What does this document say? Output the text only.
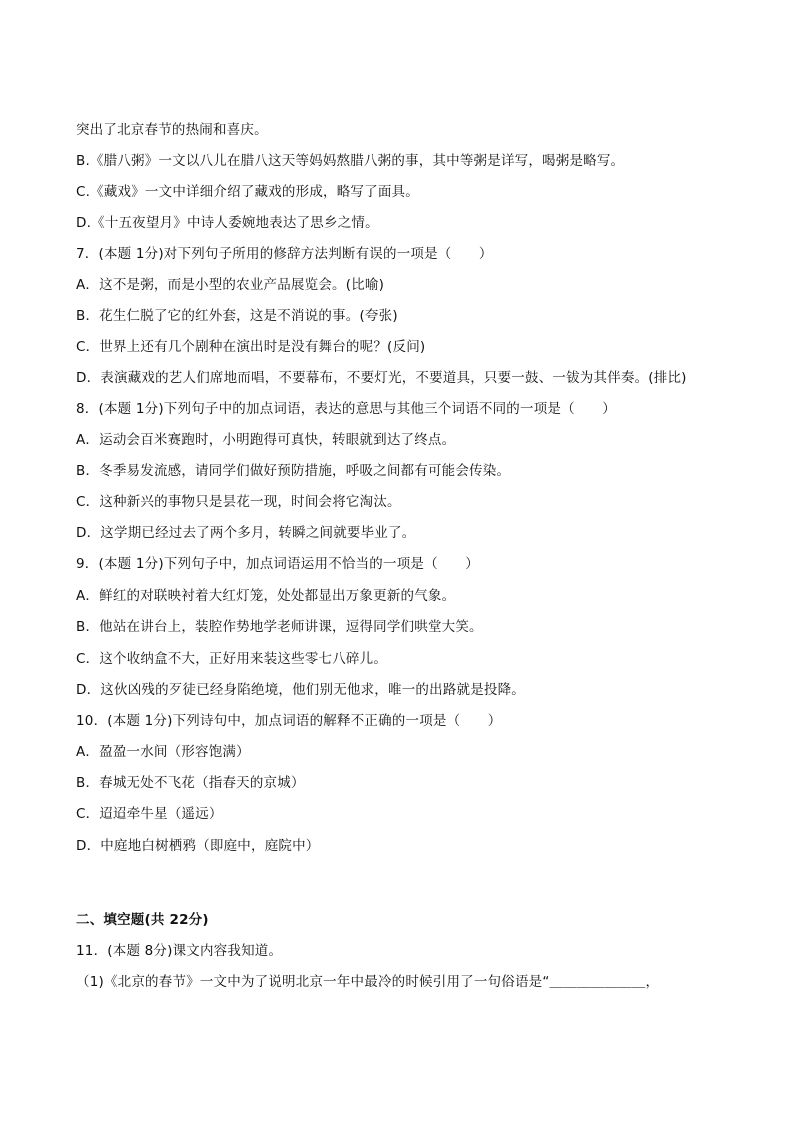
突出了北京春节的热闹和喜庆。
B.《腊八粥》一文以八儿在腊八这天等妈妈熬腊八粥的事，其中等粥是详写，喝粥是略写。
C.《藏戏》一文中详细介绍了藏戏的形成，略写了面具。
D.《十五夜望月》中诗人委婉地表达了思乡之情。
7．(本题 1分)对下列句子所用的修辞方法判断有误的一项是（　　）
A．这不是粥，而是小型的农业产品展览会。(比喻)
B．花生仁脱了它的红外套，这是不消说的事。(夸张)
C．世界上还有几个剧种在演出时是没有舞台的呢？(反问)
D．表演藏戏的艺人们席地而唱，不要幕布，不要灯光，不要道具，只要一鼓、一钹为其伴奏。(排比)
8．(本题 1分)下列句子中的加点词语，表达的意思与其他三个词语不同的一项是（　　）
A．运动会百米赛跑时，小明跑得可真快，转眼就到达了终点。
B．冬季易发流感，请同学们做好预防措施，呼吸之间都有可能会传染。
C．这种新兴的事物只是昙花一现，时间会将它淘汰。
D．这学期已经过去了两个多月，转瞬之间就要毕业了。
9．(本题 1分)下列句子中，加点词语运用不恰当的一项是（　　）
A．鲜红的对联映衬着大红灯笼，处处都显出万象更新的气象。
B．他站在讲台上，装腔作势地学老师讲课，逗得同学们哄堂大笑。
C．这个收纳盒不大，正好用来装这些零七八碎儿。
D．这伙凶残的歹徒已经身陷绝境，他们别无他求，唯一的出路就是投降。
10．(本题 1分)下列诗句中，加点词语的解释不正确的一项是（　　）
A．盈盈一水间（形容饱满）
B．春城无处不飞花（指春天的京城）
C．迢迢牵牛星（遥远）
D．中庭地白树栖鸦（即庭中，庭院中）
二、填空题(共 22分)
11．(本题 8分)课文内容我知道。
（1)《北京的春节》一文中为了说明北京一年中最冷的时候引用了一句俗语是“＿＿＿＿＿＿＿，
